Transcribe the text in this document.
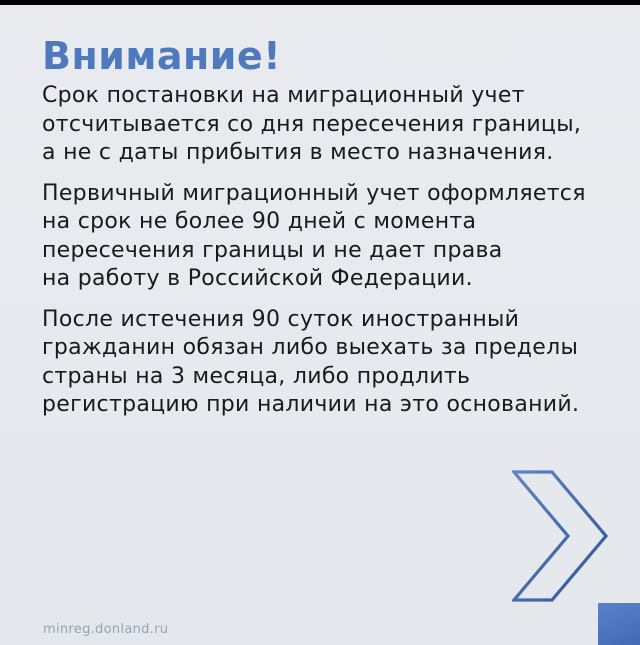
Внимание!

Срок постановки на миграционный учет
отсчитывается со дня пересечения границы,
а не с даты прибытия в место назначения.

Первичный миграционный учет оформляется
на срок не более 90 дней с момента
пересечения границы и не дает права
на работу в Российской Федерации.

После истечения 90 суток иностранный
гражданин обязан либо выехать за пределы
страны на 3 месяца, либо продлить
регистрацию при наличии на это оснований.

minreg.donland.ru
